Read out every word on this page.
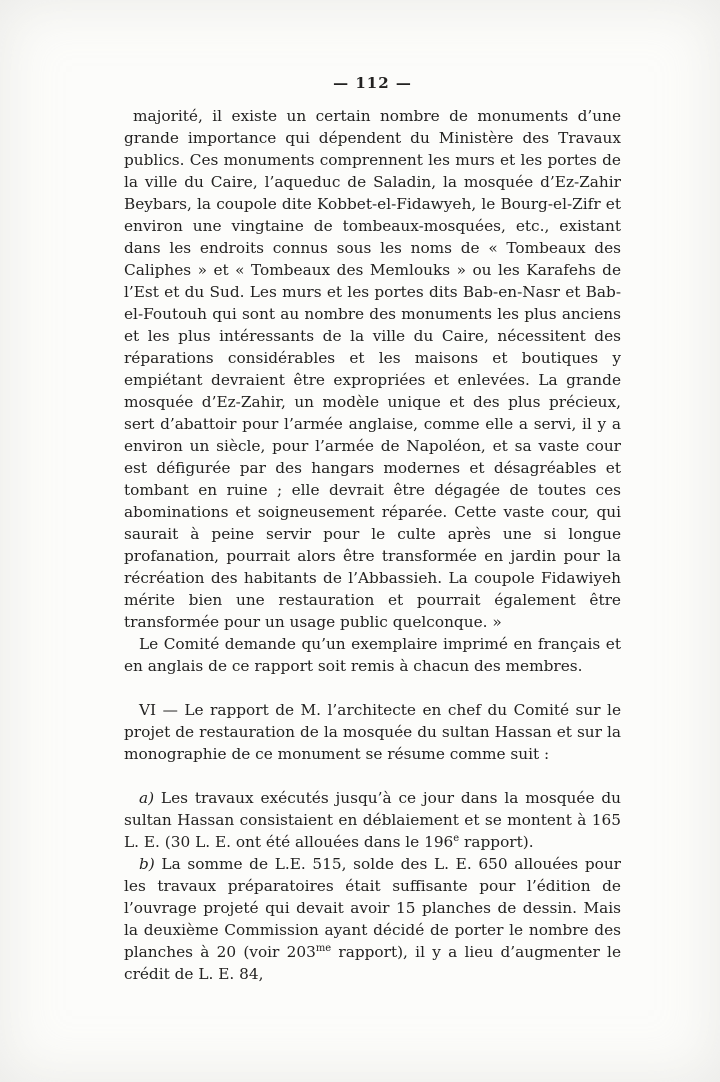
— 112 —

majorité, il existe un certain nombre de monuments d’une grande importance qui dépendent du Ministère des Travaux publics. Ces monuments comprennent les murs et les portes de la ville du Caire, l’aqueduc de Saladin, la mosquée d’Ez-Zahir Beybars, la coupole dite Kobbet-el-Fidawyeh, le Bourg-el-Zifr et environ une vingtaine de tombeaux-mosquées, etc., existant dans les endroits connus sous les noms de « Tombeaux des Caliphes » et « Tombeaux des Memlouks » ou les Karafehs de l’Est et du Sud. Les murs et les portes dits Bab-en-Nasr et Bab-el-Foutouh qui sont au nombre des monuments les plus anciens et les plus intéressants de la ville du Caire, nécessitent des réparations considérables et les maisons et boutiques y empiétant devraient être expropriées et enlevées. La grande mosquée d’Ez-Zahir, un modèle unique et des plus précieux, sert d’abattoir pour l’armée anglaise, comme elle a servi, il y a environ un siècle, pour l’armée de Napoléon, et sa vaste cour est défigurée par des hangars modernes et désagréables et tombant en ruine ; elle devrait être dégagée de toutes ces abominations et soigneusement réparée. Cette vaste cour, qui saurait à peine servir pour le culte après une si longue profanation, pourrait alors être transformée en jardin pour la récréation des habitants de l’Abbassieh. La coupole Fidawiyeh mérite bien une restauration et pourrait également être transformée pour un usage public quelconque. »

Le Comité demande qu’un exemplaire imprimé en français et en anglais de ce rapport soit remis à chacun des membres.

VI — Le rapport de M. l’architecte en chef du Comité sur le projet de restauration de la mosquée du sultan Hassan et sur la monographie de ce monument se résume comme suit :

a) Les travaux exécutés jusqu’à ce jour dans la mosquée du sultan Hassan consistaient en déblaiement et se montent à 165 L. E. (30 L. E. ont été allouées dans le 196e rapport).

b) La somme de L.E. 515, solde des L. E. 650 allouées pour les travaux préparatoires était suffisante pour l’édition de l’ouvrage projeté qui devait avoir 15 planches de dessin. Mais la deuxième Commission ayant décidé de porter le nombre des planches à 20 (voir $203^{me}$ rapport), il y a lieu d’augmenter le crédit de L. E. 84,
